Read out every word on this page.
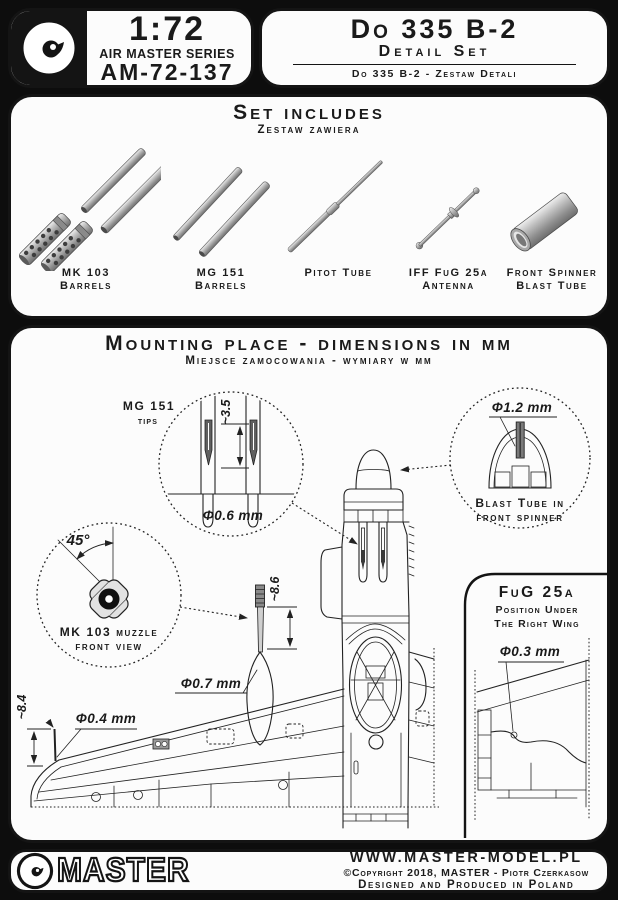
1:72
AIR MASTER SERIES
AM-72-137
Do 335 B-2
Detail Set
Do 335 B-2 - Zestaw Detali
Set includes
Zestaw zawiera
MK 103
Barrels
MG 151
Barrels
Pitot Tube	IFF FuG 25a
Antenna
Front Spinner
Blast Tube
Mounting place - dimensions in mm
Miejsce zamocowania - wymiary w mm
~3.5
Φ0.6 mm
MG 151
tips
Φ1.2 mm
Blast Tube in
front spinner
45°
MK 103 muzzle
front view
~8.6
Φ0.7 mm
~8.4	Φ0.4 mm
FuG 25a
Position Under
The Right Wing
Φ0.3 mm
MASTER	WWW.MASTER-MODEL.PL
©Copyright 2018, MASTER - Piotr Czerkasow
Designed and Produced in Poland
